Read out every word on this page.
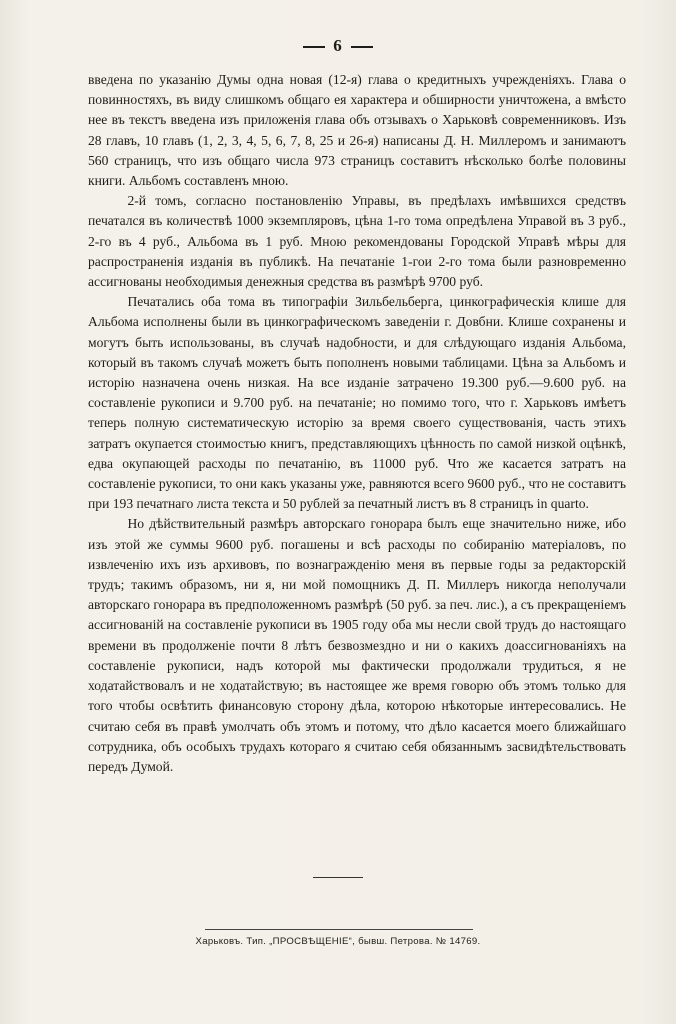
6

введена по указанію Думы одна новая (12-я) глава о кредитныхъ учрежденіяхъ. Глава о повинностяхъ, въ виду слишкомъ общаго ея характера и обширности уничтожена, а вмѣсто нее въ текстъ введена изъ приложенія глава объ отзывахъ о Харьковѣ современниковъ. Изъ 28 главъ, 10 главъ (1, 2, 3, 4, 5, 6, 7, 8, 25 и 26-я) написаны Д. Н. Миллеромъ и занимаютъ 560 страницъ, что изъ общаго числа 973 страницъ составитъ нѣсколько болѣе половины книги. Альбомъ составленъ мною.

2-й томъ, согласно постановленію Управы, въ предѣлахъ имѣвшихся средствъ печатался въ количествѣ 1000 экземпляровъ, цѣна 1-го тома опредѣлена Управой въ 3 руб., 2-го въ 4 руб., Альбома въ 1 руб. Мною рекомендованы Городской Управѣ мѣры для распространенія изданія въ публикѣ. На печатаніе 1-гои 2-го тома были разновременно ассигнованы необходимыя денежныя средства въ размѣрѣ 9700 руб.

Печатались оба тома въ типографіи Зильбельберга, цинкографическія клише для Альбома исполнены были въ цинкографическомъ заведеніи г. Довбни. Клише сохранены и могутъ быть использованы, въ случаѣ надобности, и для слѣдующаго изданія Альбома, который въ такомъ случаѣ можетъ быть пополненъ новыми таблицами. Цѣна за Альбомъ и исторію назначена очень низкая. На все изданіе затрачено 19.300 руб.—9.600 руб. на составленіе рукописи и 9.700 руб. на печатаніе; но помимо того, что г. Харьковъ имѣетъ теперь полную систематическую исторію за время своего существованія, часть этихъ затратъ окупается стоимостью книгъ, представляющихъ цѣнность по самой низкой оцѣнкѣ, едва окупающей расходы по печатанію, въ 11000 руб. Что же касается затратъ на составленіе рукописи, то они какъ указаны уже, равняются всего 9600 руб., что не составитъ при 193 печатнаго листа текста и 50 рублей за печатный листъ въ 8 страницъ in quarto.

Но дѣйствительный размѣръ авторскаго гонорара былъ еще значительно ниже, ибо изъ этой же суммы 9600 руб. погашены и всѣ расходы по собиранію матеріаловъ, по извлеченію ихъ изъ архивовъ, по вознагражденію меня въ первые годы за редакторскій трудъ; такимъ образомъ, ни я, ни мой помощникъ Д. П. Миллеръ никогда неполучали авторскаго гонорара въ предположенномъ размѣрѣ (50 руб. за печ. лис.), а съ прекращеніемъ ассигнованій на составленіе рукописи въ 1905 году оба мы несли свой трудъ до настоящаго времени въ продолженіе почти 8 лѣтъ безвозмездно и ни о какихъ доассигнованіяхъ на составленіе рукописи, надъ которой мы фактически продолжали трудиться, я не ходатайствовалъ и не ходатайствую; въ настоящее же время говорю объ этомъ только для того чтобы освѣтить финансовую сторону дѣла, которою нѣкоторые интересовались. Не считаю себя въ правѣ умолчать объ этомъ и потому, что дѣло касается моего ближайшаго сотрудника, объ особыхъ трудахъ котораго я считаю себя обязаннымъ засвидѣтельствовать передъ Думой.

Харьковъ. Тип. „ПРОСВѢЩЕНІЕ“, бывш. Петрова. № 14769.
